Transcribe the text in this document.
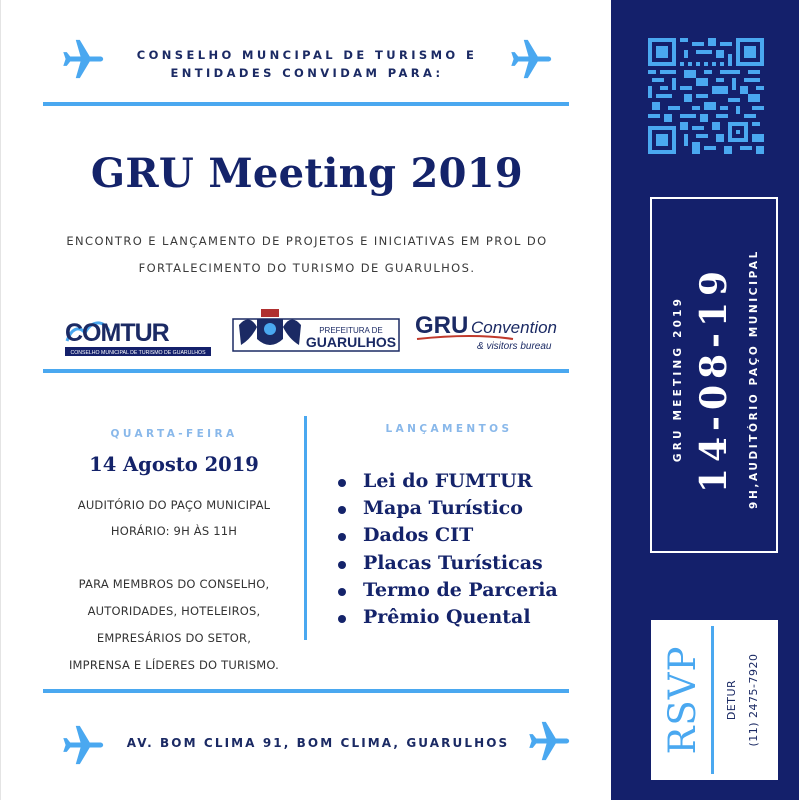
CONSELHO MUNCIPAL DE TURISMO E
ENTIDADES CONVIDAM PARA:
GRU Meeting 2019
ENCONTRO E LANÇAMENTO DE PROJETOS E INICIATIVAS EM PROL DO
FORTALECIMENTO DO TURISMO DE GUARULHOS.
COMTUR
CONSELHO MUNICIPAL DE TURISMO DE GUARULHOS
PREFEITURA DE
GUARULHOS
GRU Convention
& visitors bureau
QUARTA-FEIRA
14 Agosto 2019
AUDITÓRIO DO PAÇO MUNICIPAL
HORÁRIO: 9H ÀS 11H
PARA MEMBROS DO CONSELHO,
AUTORIDADES, HOTELEIROS,
EMPRESÁRIOS DO SETOR,
IMPRENSA E LÍDERES DO TURISMO.
LANÇAMENTOS
Lei do FUMTUR
Mapa Turístico
Dados CIT
Placas Turísticas
Termo de Parceria
Prêmio Quental
AV. BOM CLIMA 91, BOM CLIMA, GUARULHOS
GRU MEETING 2019 14-08-19 9H,AUDITÓRIO PAÇO MUNICIPAL
RSVP DETUR (11) 2475-7920
